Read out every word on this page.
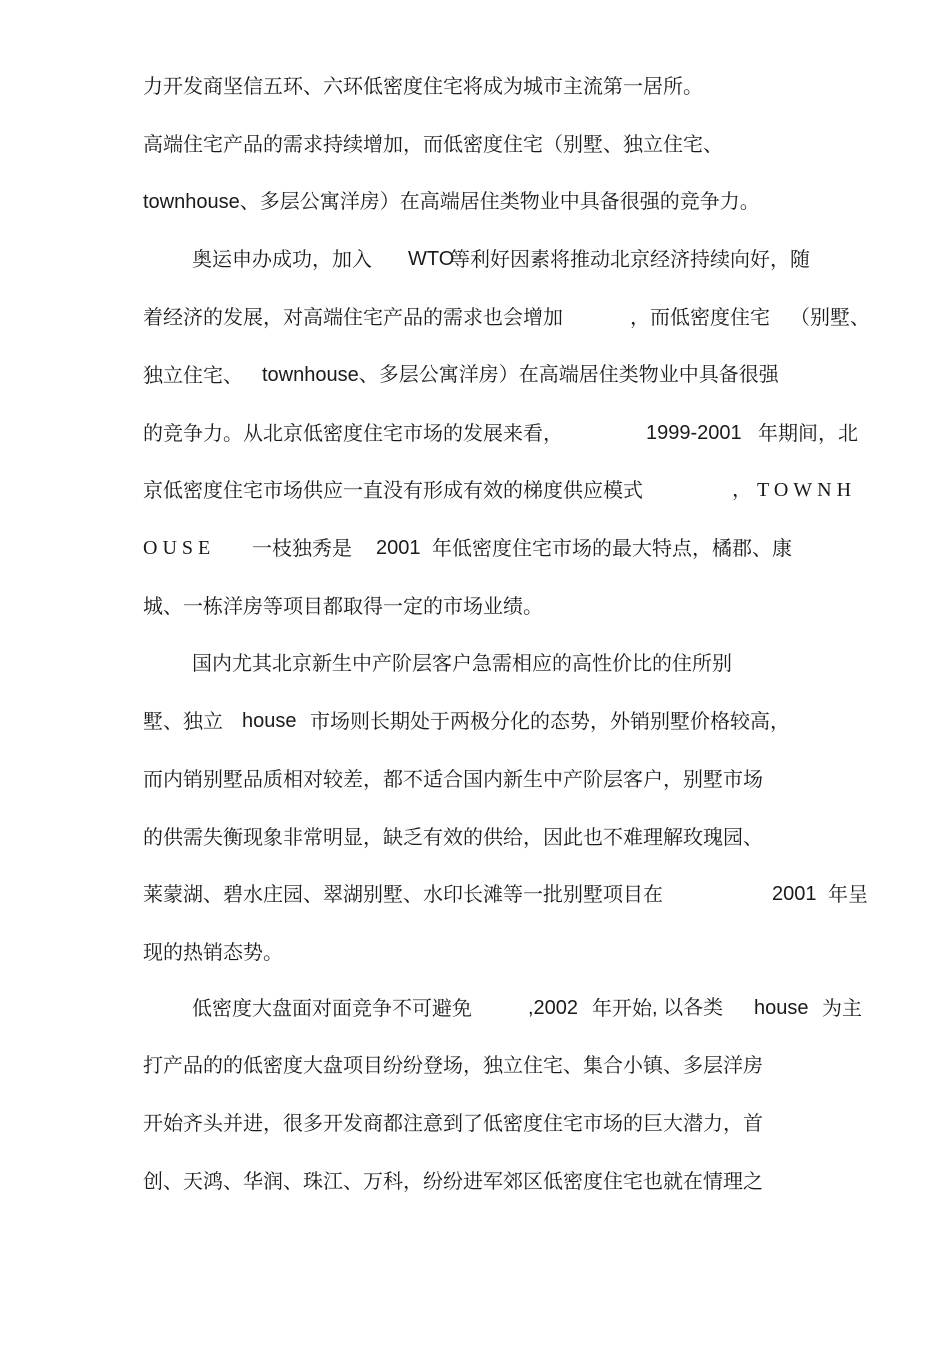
力开发商坚信五环、六环低密度住宅将成为城市主流第一居所。
高端住宅产品的需求持续增加，而低密度住宅（别墅、独立住宅、
townhouse、多层公寓洋房）在高端居住类物业中具备很强的竞争力。
奥运申办成功，加入 WTO
等利好因素将推动北京经济持续向好，随
着经济的发展，对高端住宅产品的需求也会增加	，而低密度住宅 （别墅、
独立住宅、 townhouse、多层公寓洋房）在高端居住类物业中具备很强
的竞争力。从北京低密度住宅市场的发展来看，	1999-2001 年期间，北
京低密度住宅市场供应一直没有形成有效的梯度供应模式	，TOWNH
OUSE 一枝独秀是 2001 年低密度住宅市场的最大特点，橘郡、康
城、一栋洋房等项目都取得一定的市场业绩。
国内尤其北京新生中产阶层客户急需相应的高性价比的住所别
墅、独立 house 市场则长期处于两极分化的态势，外销别墅价格较高，
而内销别墅品质相对较差，都不适合国内新生中产阶层客户，别墅市场
的供需失衡现象非常明显，缺乏有效的供给，因此也不难理解玫瑰园、
莱蒙湖、碧水庄园、翠湖别墅、水印长滩等一批别墅项目在	2001 年呈
现的热销态势。
低密度大盘面对面竞争不可避免	,2002 年开始 , 以各类 house 为主
打产品的的低密度大盘项目纷纷登场，独立住宅、集合小镇、多层洋房
开始齐头并进，很多开发商都注意到了低密度住宅市场的巨大潜力，首
创、天鸿、华润、珠江、万科，纷纷进军郊区低密度住宅也就在情理之
